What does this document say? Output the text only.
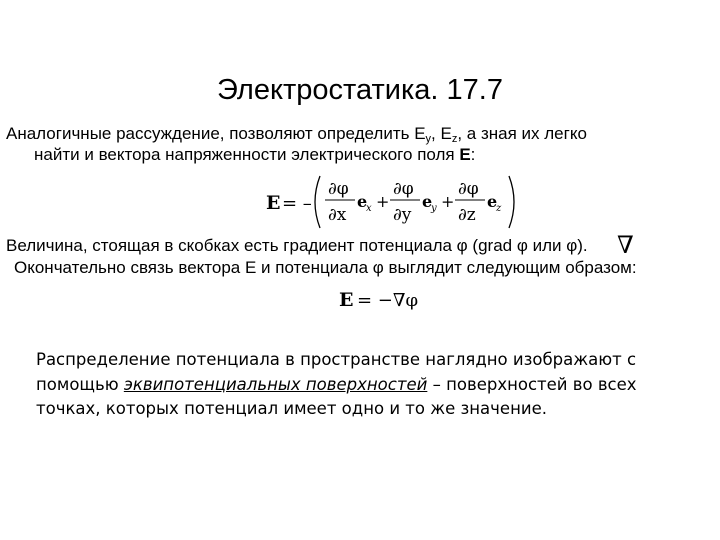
Электростатика. 17.7
Аналогичные рассуждение, позволяют определить $E_y$, $E_z$, а зная их легко
найти и вектора напряженности электрического поля E:
E = –
∂φ
∂x
e
x +
∂φ
∂y
e
y +
∂φ
∂z
e
z
Величина, стоящая в скобках есть градиент потенциала φ (grad φ или φ). ∇
Окончательно связь вектора E и потенциала φ выглядит следующим образом:
E = −∇φ
Распределение потенциала в пространстве наглядно изображают с
помощью эквипотенциальных поверхностей – поверхностей во всех
точках, которых потенциал имеет одно и то же значение.
